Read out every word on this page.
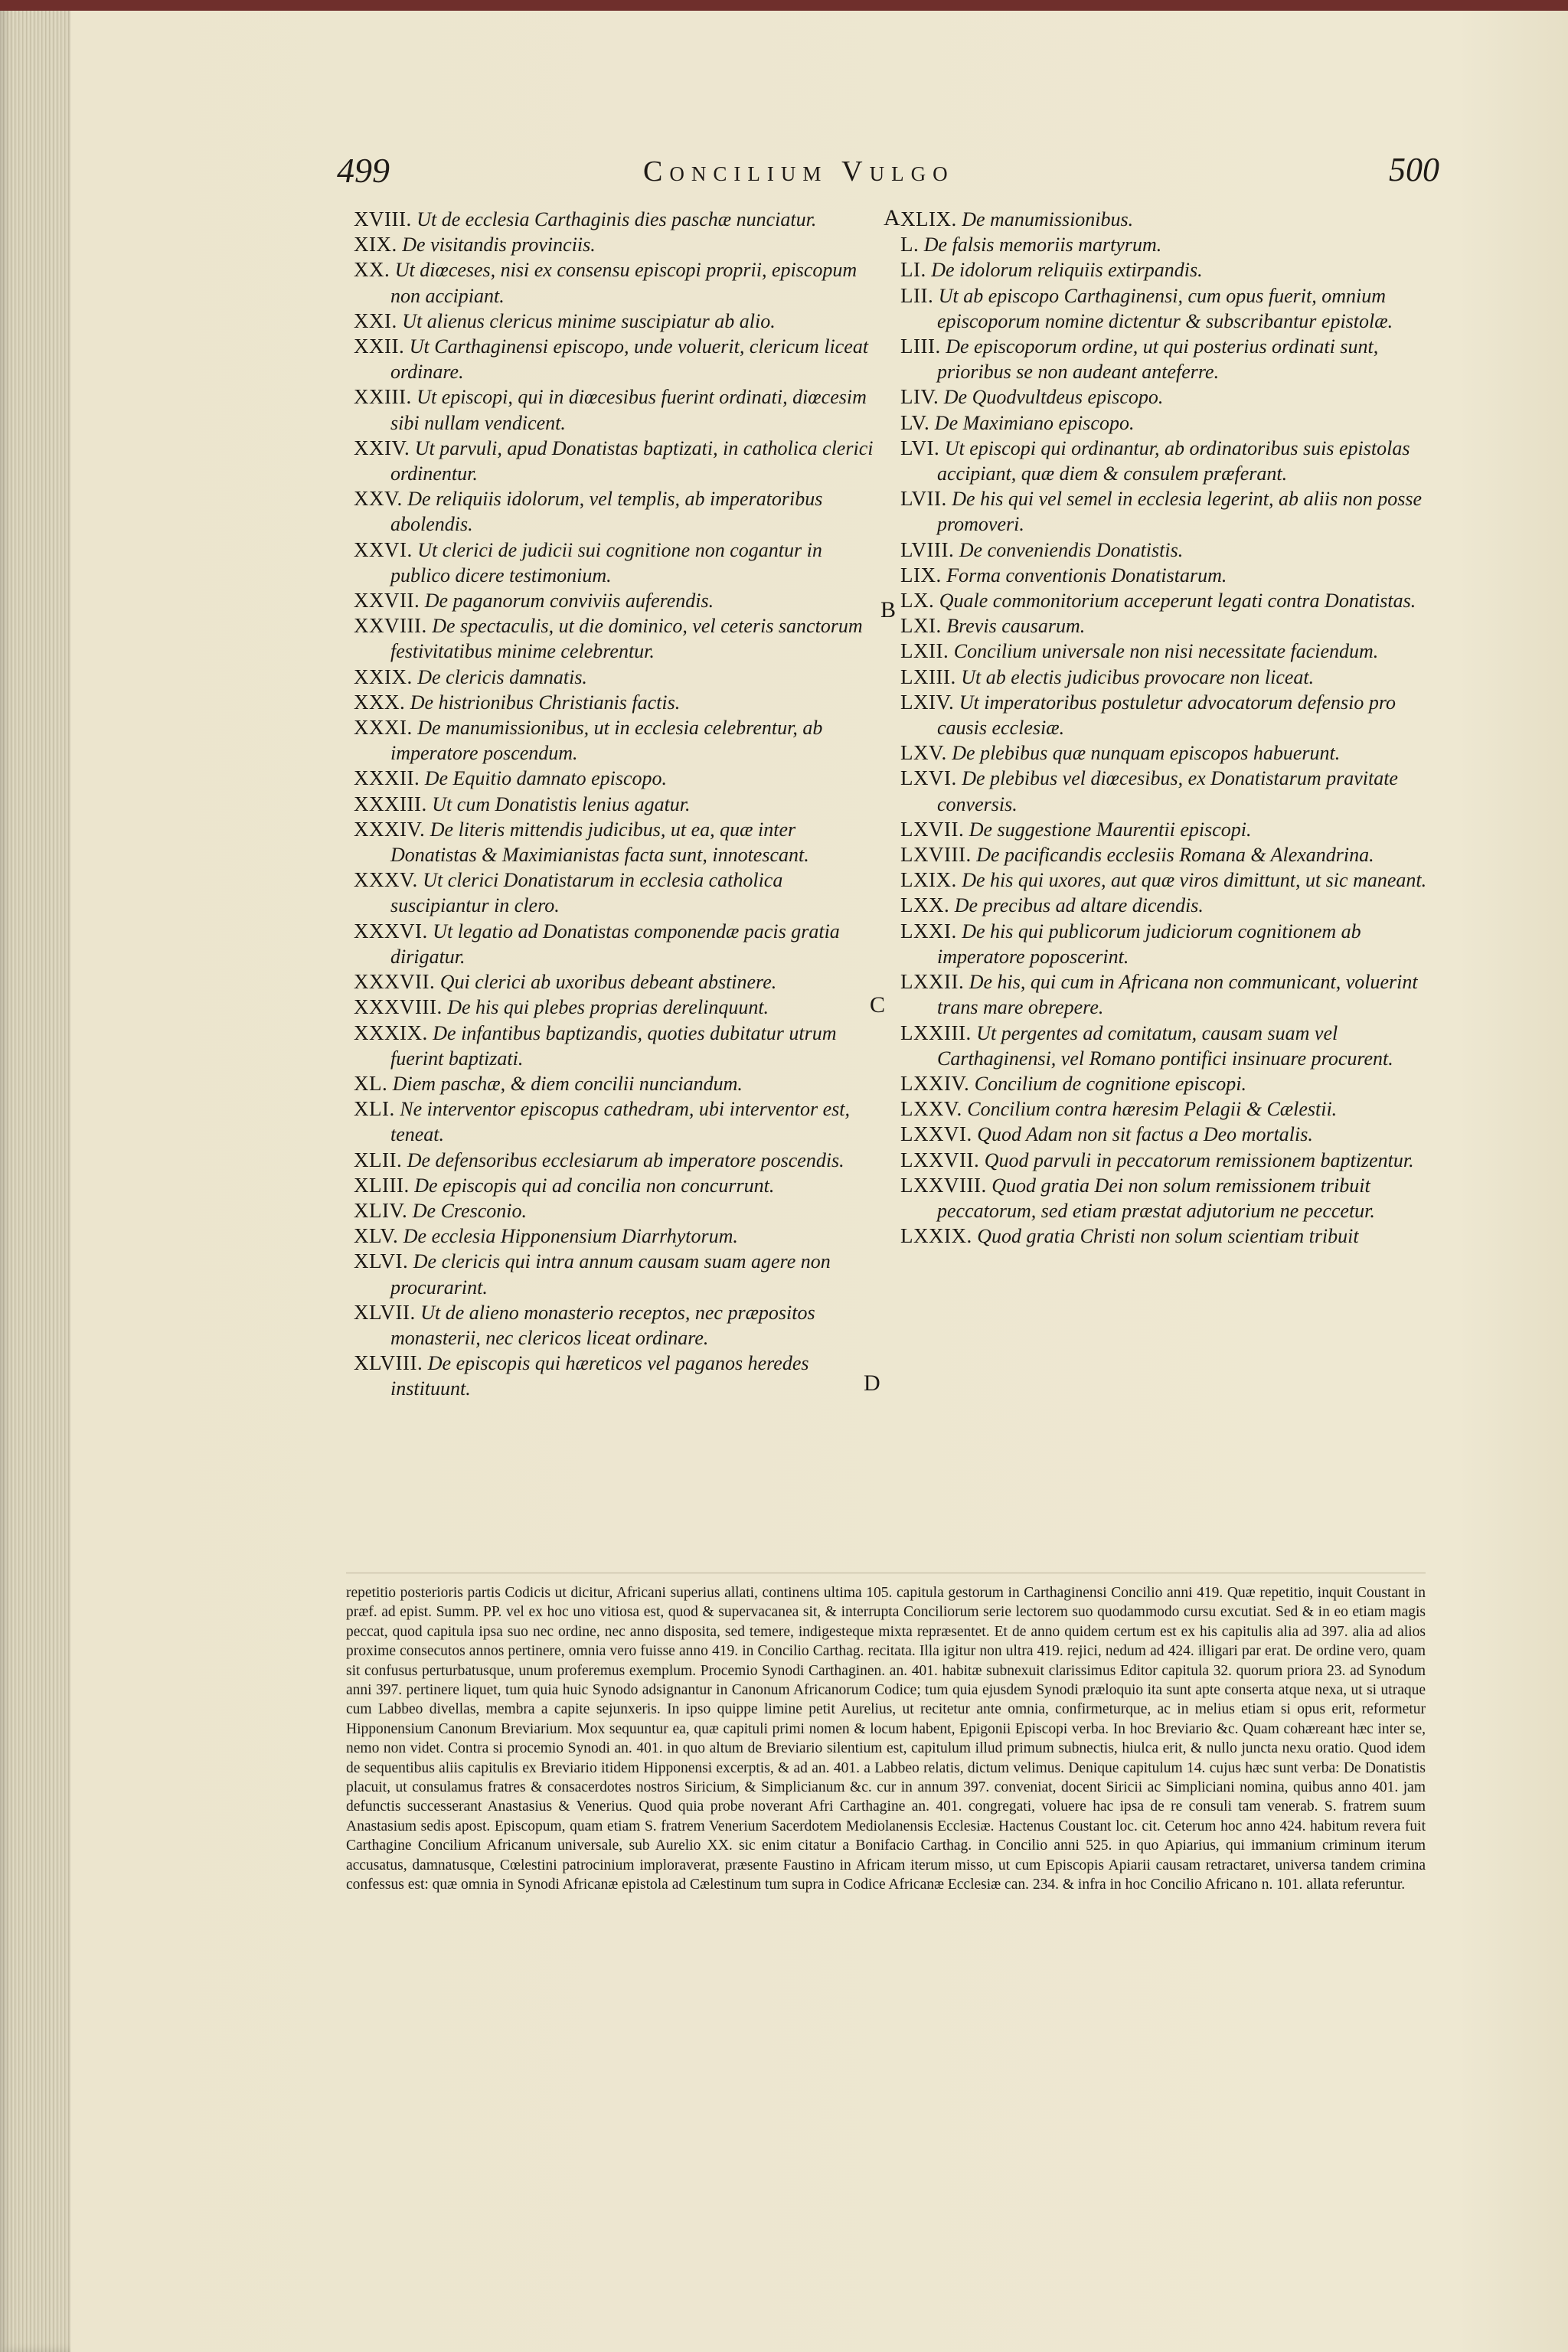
499	Concilium Vulgo	500

XVIII. Ut de ecclesia Carthaginis dies paschæ nunciatur.

XIX. De visitandis provinciis.

XX. Ut diœceses, nisi ex consensu episcopi proprii, episcopum non accipiant.

XXI. Ut alienus clericus minime suscipiatur ab alio.

XXII. Ut Carthaginensi episcopo, unde voluerit, clericum liceat ordinare.

XXIII. Ut episcopi, qui in diœcesibus fuerint ordinati, diœcesim sibi nullam vendicent.

XXIV. Ut parvuli, apud Donatistas baptizati, in catholica clerici ordinentur.

XXV. De reliquiis idolorum, vel templis, ab imperatoribus abolendis.

XXVI. Ut clerici de judicii sui cognitione non cogantur in publico dicere testimonium.

XXVII. De paganorum conviviis auferendis.

XXVIII. De spectaculis, ut die dominico, vel ceteris sanctorum festivitatibus minime celebrentur.

XXIX. De clericis damnatis.

XXX. De histrionibus Christianis factis.

XXXI. De manumissionibus, ut in ecclesia celebrentur, ab imperatore poscendum.

XXXII. De Equitio damnato episcopo.

XXXIII. Ut cum Donatistis lenius agatur.

XXXIV. De literis mittendis judicibus, ut ea, quæ inter Donatistas & Maximianistas facta sunt, innotescant.

XXXV. Ut clerici Donatistarum in ecclesia catholica suscipiantur in clero.

XXXVI. Ut legatio ad Donatistas componendæ pacis gratia dirigatur.

XXXVII. Qui clerici ab uxoribus debeant abstinere.

XXXVIII. De his qui plebes proprias derelinquunt.

XXXIX. De infantibus baptizandis, quoties dubitatur utrum fuerint baptizati.

XL. Diem paschæ, & diem concilii nunciandum.

XLI. Ne interventor episcopus cathedram, ubi interventor est, teneat.

XLII. De defensoribus ecclesiarum ab imperatore poscendis.

XLIII. De episcopis qui ad concilia non concurrunt.

XLIV. De Cresconio.

XLV. De ecclesia Hipponensium Diarrhytorum.

XLVI. De clericis qui intra annum causam suam agere non procurarint.

XLVII. Ut de alieno monasterio receptos, nec præpositos monasterii, nec clericos liceat ordinare.

XLVIII. De episcopis qui hæreticos vel paganos heredes instituunt.

XLIX. De manumissionibus.

L. De falsis memoriis martyrum.

LI. De idolorum reliquiis extirpandis.

LII. Ut ab episcopo Carthaginensi, cum opus fuerit, omnium episcoporum nomine dictentur & subscribantur epistolæ.

LIII. De episcoporum ordine, ut qui posterius ordinati sunt, prioribus se non audeant anteferre.

LIV. De Quodvultdeus episcopo.

LV. De Maximiano episcopo.

LVI. Ut episcopi qui ordinantur, ab ordinatoribus suis epistolas accipiant, quæ diem & consulem præferant.

LVII. De his qui vel semel in ecclesia legerint, ab aliis non posse promoveri.

LVIII. De conveniendis Donatistis.

LIX. Forma conventionis Donatistarum.

LX. Quale commonitorium acceperunt legati contra Donatistas.

LXI. Brevis causarum.

LXII. Concilium universale non nisi necessitate faciendum.

LXIII. Ut ab electis judicibus provocare non liceat.

LXIV. Ut imperatoribus postuletur advocatorum defensio pro causis ecclesiæ.

LXV. De plebibus quæ nunquam episcopos habuerunt.

LXVI. De plebibus vel diœcesibus, ex Donatistarum pravitate conversis.

LXVII. De suggestione Maurentii episcopi.

LXVIII. De pacificandis ecclesiis Romana & Alexandrina.

LXIX. De his qui uxores, aut quæ viros dimittunt, ut sic maneant.

LXX. De precibus ad altare dicendis.

LXXI. De his qui publicorum judiciorum cognitionem ab imperatore poposcerint.

LXXII. De his, qui cum in Africana non communicant, voluerint trans mare obrepere.

LXXIII. Ut pergentes ad comitatum, causam suam vel Carthaginensi, vel Romano pontifici insinuare procurent.

LXXIV. Concilium de cognitione episcopi.

LXXV. Concilium contra hæresim Pelagii & Cælestii.

LXXVI. Quod Adam non sit factus a Deo mortalis.

LXXVII. Quod parvuli in peccatorum remissionem baptizentur.

LXXVIII. Quod gratia Dei non solum remissionem tribuit peccatorum, sed etiam præstat adjutorium ne peccetur.

LXXIX. Quod gratia Christi non solum scientiam tribuit

A
B
C
D
repetitio posterioris partis Codicis ut dicitur, Africani superius allati, continens ultima 105. capitula gestorum in Carthaginensi Concilio anni 419. Quæ repetitio, inquit Coustant in præf. ad epist. Summ. PP. vel ex hoc uno vitiosa est, quod & supervacanea sit, & interrupta Conciliorum serie lectorem suo quodammodo cursu excutiat. Sed & in eo etiam magis peccat, quod capitula ipsa suo nec ordine, nec anno disposita, sed temere, indigesteque mixta repræsentet. Et de anno quidem certum est ex his capitulis alia ad 397. alia ad alios proxime consecutos annos pertinere, omnia vero fuisse anno 419. in Concilio Carthag. recitata. Illa igitur non ultra 419. rejici, nedum ad 424. illigari par erat. De ordine vero, quam sit confusus perturbatusque, unum proferemus exemplum. Procemio Synodi Carthaginen. an. 401. habitæ subnexuit clarissimus Editor capitula 32. quorum priora 23. ad Synodum anni 397. pertinere liquet, tum quia huic Synodo adsignantur in Canonum Africanorum Codice; tum quia ejusdem Synodi præloquio ita sunt apte conserta atque nexa, ut si utraque cum Labbeo divellas, membra a capite sejunxeris. In ipso quippe limine petit Aurelius, ut recitetur ante omnia, confirmeturque, ac in melius etiam si opus erit, reformetur Hipponensium Canonum Breviarium. Mox sequuntur ea, quæ capituli primi nomen & locum habent, Epigonii Episcopi verba. In hoc Breviario &c. Quam cohæreant hæc inter se, nemo non videt. Contra si procemio Synodi an. 401. in quo altum de Breviario silentium est, capitulum illud primum subnectis, hiulca erit, & nullo juncta nexu oratio. Quod idem de sequentibus aliis capitulis ex Breviario itidem Hipponensi excerptis, & ad an. 401. a Labbeo relatis, dictum velimus. Denique capitulum 14. cujus hæc sunt verba: De Donatistis placuit, ut consulamus fratres & consacerdotes nostros Siricium, & Simplicianum &c. cur in annum 397. conveniat, docent Siricii ac Simpliciani nomina, quibus anno 401. jam defunctis successerant Anastasius & Venerius. Quod quia probe noverant Afri Carthagine an. 401. congregati, voluere hac ipsa de re consuli tam venerab. S. fratrem suum Anastasium sedis apost. Episcopum, quam etiam S. fratrem Venerium Sacerdotem Mediolanensis Ecclesiæ. Hactenus Coustant loc. cit. Ceterum hoc anno 424. habitum revera fuit Carthagine Concilium Africanum universale, sub Aurelio XX. sic enim citatur a Bonifacio Carthag. in Concilio anni 525. in quo Apiarius, qui immanium criminum iterum accusatus, damnatusque, Cœlestini patrocinium imploraverat, præsente Faustino in Africam iterum misso, ut cum Episcopis Apiarii causam retractaret, universa tandem crimina confessus est: quæ omnia in Synodi Africanæ epistola ad Cælestinum tum supra in Codice Africanæ Ecclesiæ can. 234. & infra in hoc Concilio Africano n. 101. allata referuntur.
